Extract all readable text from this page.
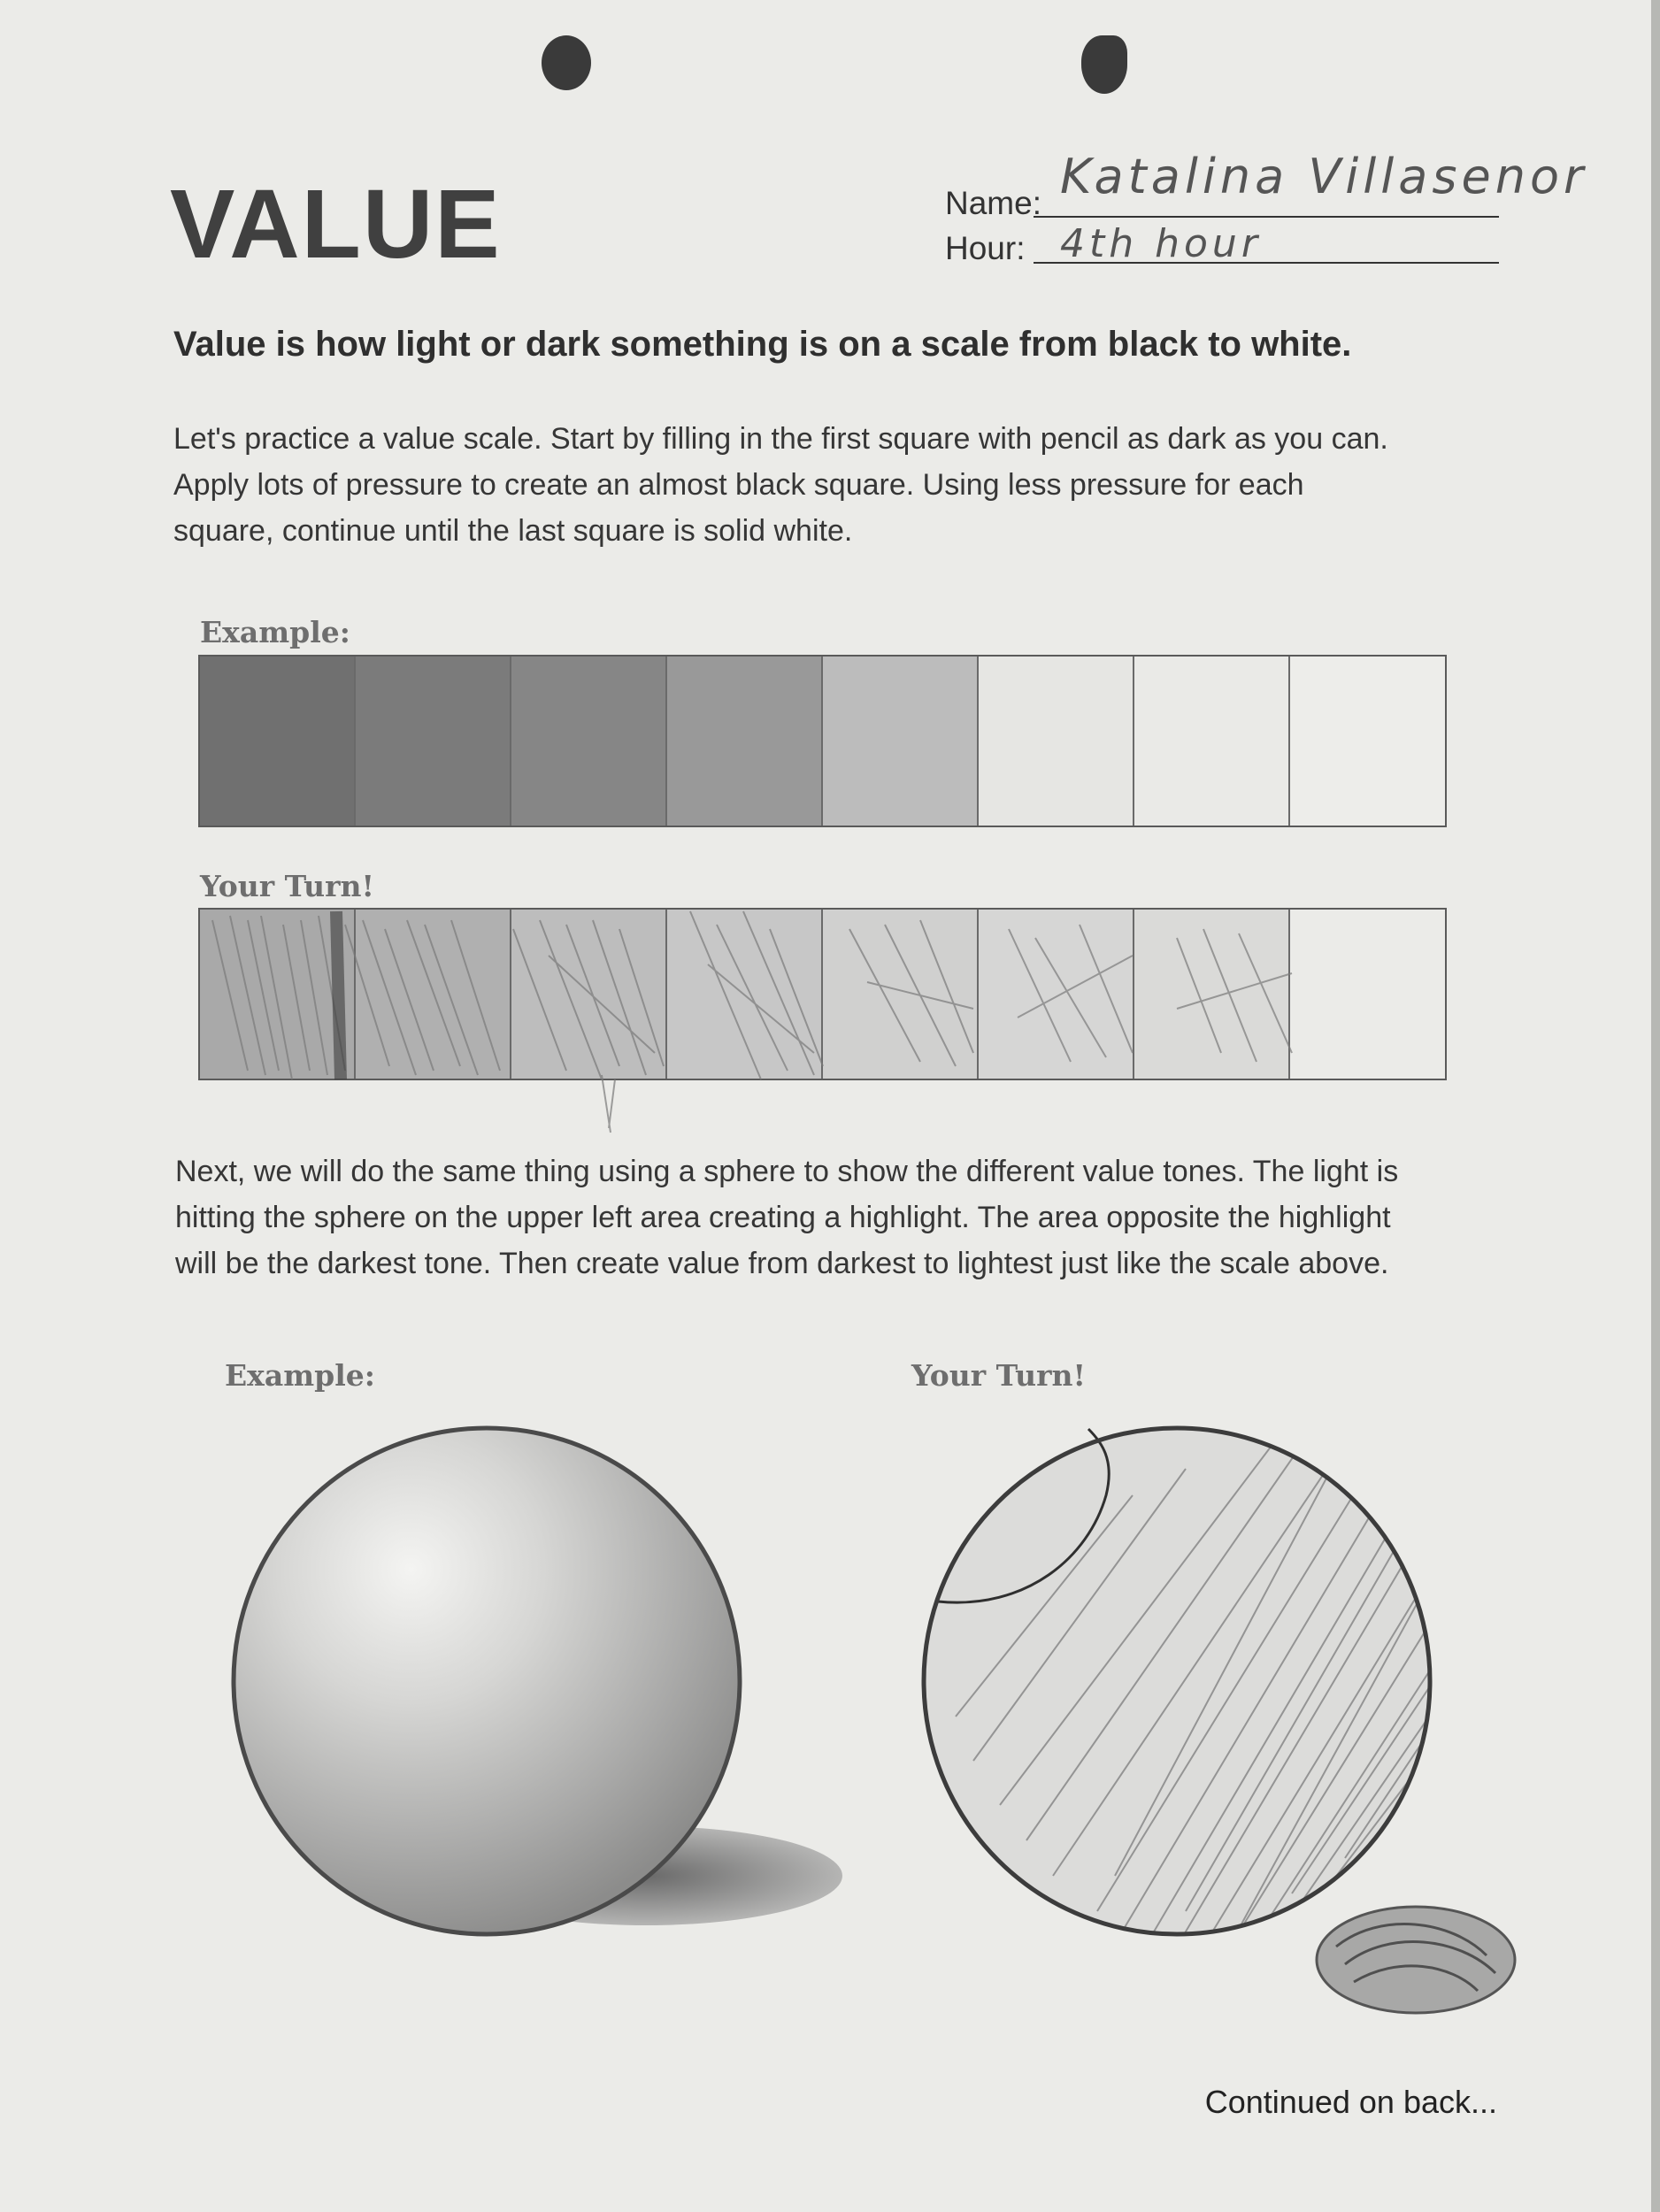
VALUE	Name: Katalina Villasenor
Hour: 4th hour

Value is how light or dark something is on a scale from black to white.

Let's practice a value scale. Start by filling in the first square with pencil as dark as you can.
Apply lots of pressure to create an almost black square. Using less pressure for each
square, continue until the last square is solid white.
Example:
Your Turn!
Next, we will do the same thing using a sphere to show the different value tones. The light is
hitting the sphere on the upper left area creating a highlight. The area opposite the highlight
will be the darkest tone. Then create value from darkest to lightest just like the scale above.
Example:	Your Turn!
Continued on back...
